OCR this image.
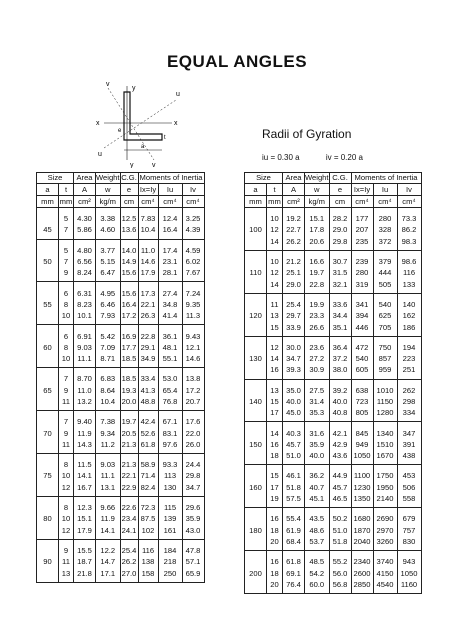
EQUAL ANGLES
v
y
u
x	x
e
a
t
v
y
u
Radii of Gyration
iu = 0.30 a	iv = 0.20 a
Size		Area	Weight	C.G.	Moments of Inertia		
a	t	A	w	e	Ix=Iy	Iu	Iv
mm	mm	cm²	kg/m	cm	cm⁴	cm⁴	cm⁴
	5	4.30	3.38	12.5	7.83	12.4	3.25
45	7	5.86	4.60	13.6	10.4	16.4	4.39
	5	4.80	3.77	14.0	11.0	17.4	4.59
50	7	6.56	5.15	14.9	14.6	23.1	6.02
	9	8.24	6.47	15.6	17.9	28.1	7.67
	6	6.31	4.95	15.6	17.3	27.4	7.24
55	8	8.23	6.46	16.4	22.1	34.8	9.35
	10	10.1	7.93	17.2	26.3	41.4	11.3
	6	6.91	5.42	16.9	22.8	36.1	9.43
60	8	9.03	7.09	17.7	29.1	48.1	12.1
	10	11.1	8.71	18.5	34.9	55.1	14.6
	7	8.70	6.83	18.5	33.4	53.0	13.8
65	9	11.0	8.64	19.3	41.3	65.4	17.2
	11	13.2	10.4	20.0	48.8	76.8	20.7
	7	9.40	7.38	19.7	42.4	67.1	17.6
70	9	11.9	9.34	20.5	52.6	83.1	22.0
	11	14.3	11.2	21.3	61.8	97.6	26.0
	8	11.5	9.03	21.3	58.9	93.3	24.4
75	10	14.1	11.1	22.1	71.4	113	29.8
	12	16.7	13.1	22.9	82.4	130	34.7
	8	12.3	9.66	22.6	72.3	115	29.6
80	10	15.1	11.9	23.4	87.5	139	35.9
	12	17.9	14.1	24.1	102	161	43.0
	9	15.5	12.2	25.4	116	184	47.8
90	11	18.7	14.7	26.2	138	218	57.1
	13	21.8	17.1	27.0	158	250	65.9
Size		Area	Weight	C.G.	Moments of Inertia		
a	t	A	w	e	Ix=Iy	Iu	Iv
mm	mm	cm²	kg/m	cm	cm⁴	cm⁴	cm⁴
	10	19.2	15.1	28.2	177	280	73.3
100	12	22.7	17.8	29.0	207	328	86.2
	14	26.2	20.6	29.8	235	372	98.3
	10	21.2	16.6	30.7	239	379	98.6
110	12	25.1	19.7	31.5	280	444	116
	14	29.0	22.8	32.1	319	505	133
	11	25.4	19.9	33.6	341	540	140
120	13	29.7	23.3	34.4	394	625	162
	15	33.9	26.6	35.1	446	705	186
	12	30.0	23.6	36.4	472	750	194
130	14	34.7	27.2	37.2	540	857	223
	16	39.3	30.9	38.0	605	959	251
	13	35.0	27.5	39.2	638	1010	262
140	15	40.0	31.4	40.0	723	1150	298
	17	45.0	35.3	40.8	805	1280	334
	14	40.3	31.6	42.1	845	1340	347
150	16	45.7	35.9	42.9	949	1510	391
	18	51.0	40.0	43.6	1050	1670	438
	15	46.1	36.2	44.9	1100	1750	453
160	17	51.8	40.7	45.7	1230	1950	506
	19	57.5	45.1	46.5	1350	2140	558
	16	55.4	43.5	50.2	1680	2690	679
180	18	61.9	48.6	51.0	1870	2970	757
	20	68.4	53.7	51.8	2040	3260	830
	16	61.8	48.5	55.2	2340	3740	943
200	18	69.1	54.2	56.0	2600	4150	1050
	20	76.4	60.0	56.8	2850	4540	1160
